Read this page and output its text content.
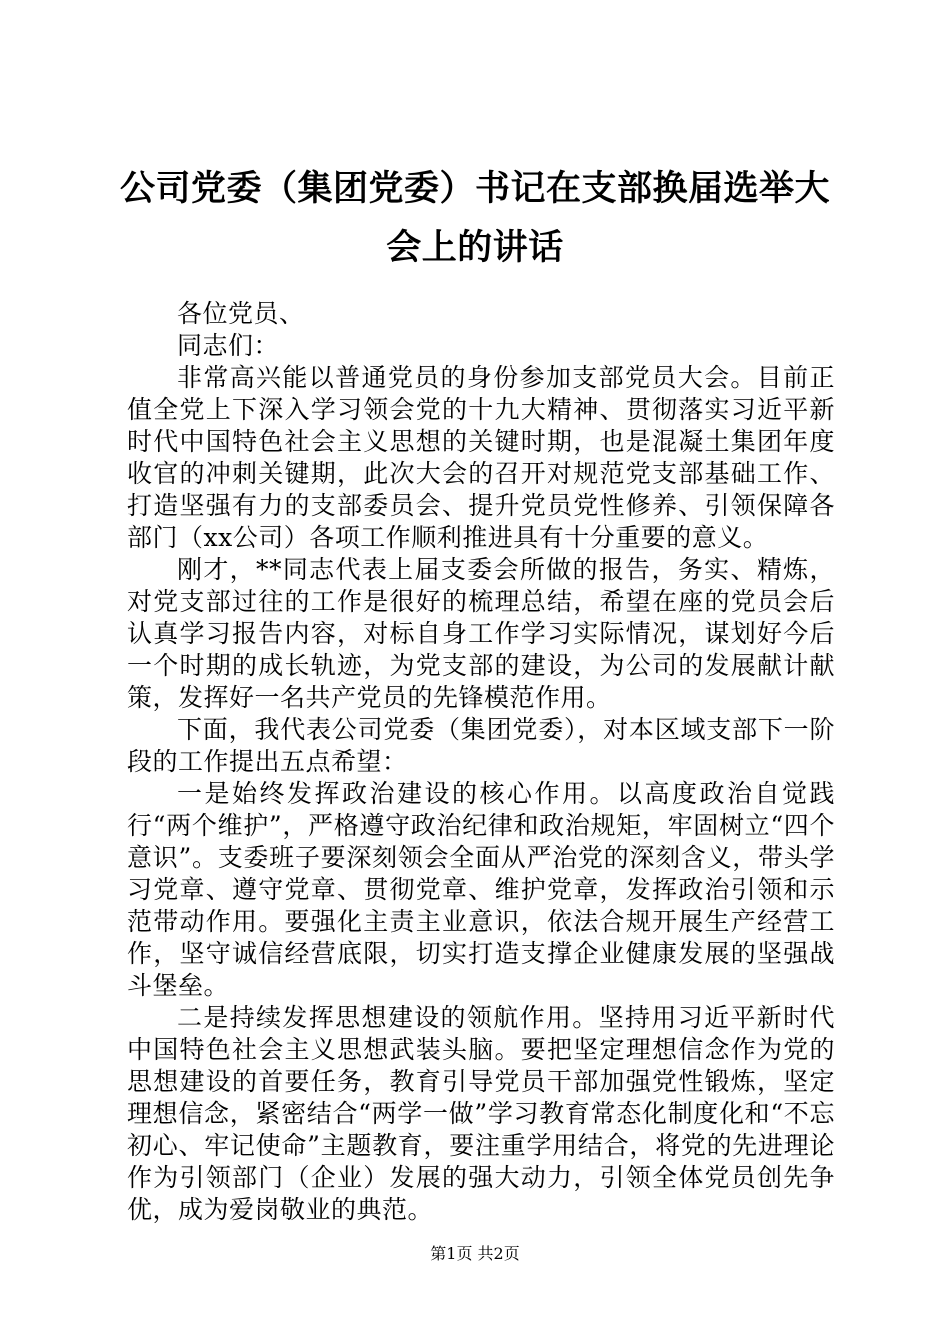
公司党委（集团党委）书记在支部换届选举大会上的讲话

各位党员、

同志们：

非常高兴能以普通党员的身份参加支部党员大会。目前正值全党上下深入学习领会党的十九大精神、贯彻落实习近平新时代中国特色社会主义思想的关键时期，也是混凝土集团年度收官的冲刺关键期，此次大会的召开对规范党支部基础工作、打造坚强有力的支部委员会、提升党员党性修养、引领保障各部门（xx公司）各项工作顺利推进具有十分重要的意义。

刚才，**同志代表上届支委会所做的报告，务实、精炼，对党支部过往的工作是很好的梳理总结，希望在座的党员会后认真学习报告内容，对标自身工作学习实际情况，谋划好今后一个时期的成长轨迹，为党支部的建设，为公司的发展献计献策，发挥好一名共产党员的先锋模范作用。

下面，我代表公司党委（集团党委），对本区域支部下一阶段的工作提出五点希望：

一是始终发挥政治建设的核心作用。以高度政治自觉践行“两个维护”，严格遵守政治纪律和政治规矩，牢固树立“四个意识”。支委班子要深刻领会全面从严治党的深刻含义，带头学习党章、遵守党章、贯彻党章、维护党章，发挥政治引领和示范带动作用。要强化主责主业意识，依法合规开展生产经营工作，坚守诚信经营底限，切实打造支撑企业健康发展的坚强战斗堡垒。

二是持续发挥思想建设的领航作用。坚持用习近平新时代中国特色社会主义思想武装头脑。要把坚定理想信念作为党的思想建设的首要任务，教育引导党员干部加强党性锻炼，坚定理想信念，紧密结合“两学一做”学习教育常态化制度化和“不忘初心、牢记使命”主题教育，要注重学用结合，将党的先进理论作为引领部门（企业）发展的强大动力，引领全体党员创先争优，成为爱岗敬业的典范。

第1页 共2页
